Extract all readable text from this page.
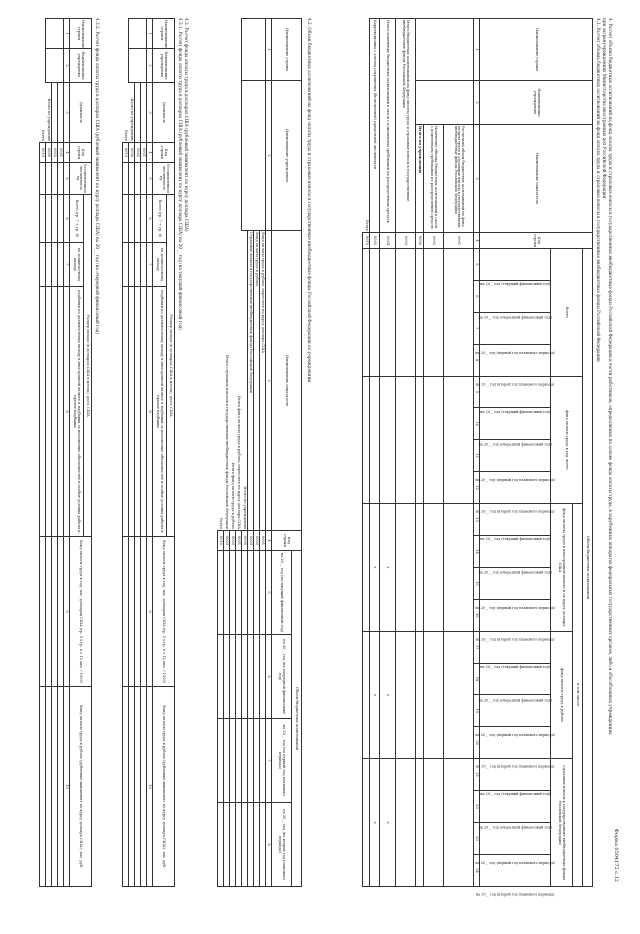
Форма 0504172 с.12
4. Расчет объема бюджетных ассигнований на фонд оплаты труда и страховые взносы в государственные внебюджетные фонды Российской Федерации в части работников, определяемых на основе фонда оплаты труда, в зарубежных аппаратах федеральных государственных органов, либо в обособленных учреждениях
при загранучреждениях Министерства иностранных дел Российской Федерации
4.1. Расчет объема бюджетных ассигнований на фонд оплаты труда и страховые взносы в государственные внебюджетные фонды Российской Федерации
Наименование страны	Наименование учреждения	Наименование показателя	Код строки	Объем бюджетных ассигнований																			
				Всего				фонд оплаты труда в год, всего				в том числе:											
												фонд оплаты труда в иностранной валюте и по курсу доллара США				фонд оплаты труда в рублях				страховые взносы в государственные внебюджетные фонды Российской Федерации			
				на 20__ год (текущий финансовый год)	на 20__ год (очередной финансовый год)	на 20__ год (первый год планового периода)	на 20__ год (второй год планового периода)	на 20__ год (текущий финансовый год)	на 20__ год (очередной финансовый год)	на 20__ год (первый год планового периода)	на 20__ год (второй год планового периода)	на 20__ год (текущий финансовый год)	на 20__ год (очередной финансовый год)	на 20__ год (первый год планового периода)	на 20__ год (второй год планового периода)	на 20__ год (текущий финансовый год)	на 20__ год (очередной финансовый год)	на 20__ год (первый год планового периода)	на 20__ год (второй год планового периода)	на 20__ год (текущий финансовый год)	на 20__ год (очередной финансовый год)	на 20__ год (первый год планового периода)	на 20__ год (второй год планового периода)
1	2	3	4	5	6	7	8	9	10	11	12	13	14	15	16	17	18	19	20	21	22	23	24
		Расчетный объем бюджетных ассигнований на фонд оплаты труда и страховые взносы в государственные внебюджетные фонды Российской Федерации	0001																				
		Изменение объема бюджетных ассигнований в связи с изменением требований по распределению средств	0002																				
		Итого по учреждению	9000																				
Итого бюджетных ассигнований на фонд оплаты труда и страховые взносы в государственные внебюджетные фонды Российской Федерации			0003																				
Итого изменение бюджетных ассигнований в связи с изменением требований по распределению средств			0004									x				x				x			
Корректировка с учетом сокращения (болезненной) предельной численности			0005									x				x				x			
Всего			9010																				
4.2. Объем бюджетных ассигнований на фонд оплаты труда и страховые взносы в государственные внебюджетные фонды Российской Федерации по учреждениям
Наименование страны	Наименование учреждения	Наименование показателя	Код строки	Объем бюджетных ассигнований			
				на 20__ год (на текущий финансовый год)	на 20__ год (на очередной финансовый год)	на 20__ год (на первый год планового периода)	на 20__ год (на второй год планового периода)
1	2	3	4	5	6	7	8
		Фонд оплаты труда в рублях, пересчете по курсу доллара США	0001				
		Фонд оплаты труда в рублях	0002				
		Страховые взносы в государственные внебюджетные фонды Российской Федерации	0003				
		Итого по учреждению	9000				
Итого фонд оплаты труда в рублях, пересчете по курсу доллара США			9001				
Итого фонд оплаты труда в рублях			9002				
Итого страховых взносов в государственные внебюджетные фонды Российской Федерации			9003				
Всего			9010				
4.3. Расчет фонда оплаты труда в долларах США (рублевый эквивалент по курсу доллара США)
4.3.1. Расчет фонда оплаты труда в долларах США (рублевый эквивалент по курсу доллара США) на 20__ год (на текущий финансовый год)
Наименование страны	Наименование учреждения	Должность	Код строки	Установленная численность, ед.	Размер оклада (в долларах США в месяц), долл. США			Фонд оплаты труда в год, тыс. долларов США (гр. 5 х гр. 6 х 12 мес. / 1000)	Фонд оплаты труда в рублях (рублевый эквивалент по курсу доллара США), тыс. руб.
					Всего (гр. 7 + гр. 8)	по должностному окладу	надбавки по должностному окладу в иностранной валюте и надбавки за исполнение обязанностей и особые условия работы и прочие надбавки		

1	2	3	4	5	6	7	8	9	10
			0001						
			0002						
		Итого по учреждению	9000						
Всего			9010						
4.3.2. Расчет фонда оплаты труда в долларах США (рублевый эквивалент по курсу доллара США) на 20__ год (на очередной финансовый год)
Наименование страны	Наименование учреждения	Должность	Код строки	Установленная численность, ед.	Размер оклада (в долларах США в месяц), долл. США			Фонд оплаты труда в год, тыс. долларов США (гр. 5 х гр. 6 х 12 мес. / 1000)	Фонд оплаты труда в рублях (рублевый эквивалент по курсу доллара США), тыс. руб.
					Всего (гр. 7 + гр. 8)	по должностному окладу	надбавки по должностному окладу в иностранной валюте и надбавки за исполнение обязанностей и особые условия работы и прочие надбавки		

1	2	3	4	5	6	7	8	9	10
			0001						
			0002						
		Итого по учреждению	9000						
Всего			9010						
